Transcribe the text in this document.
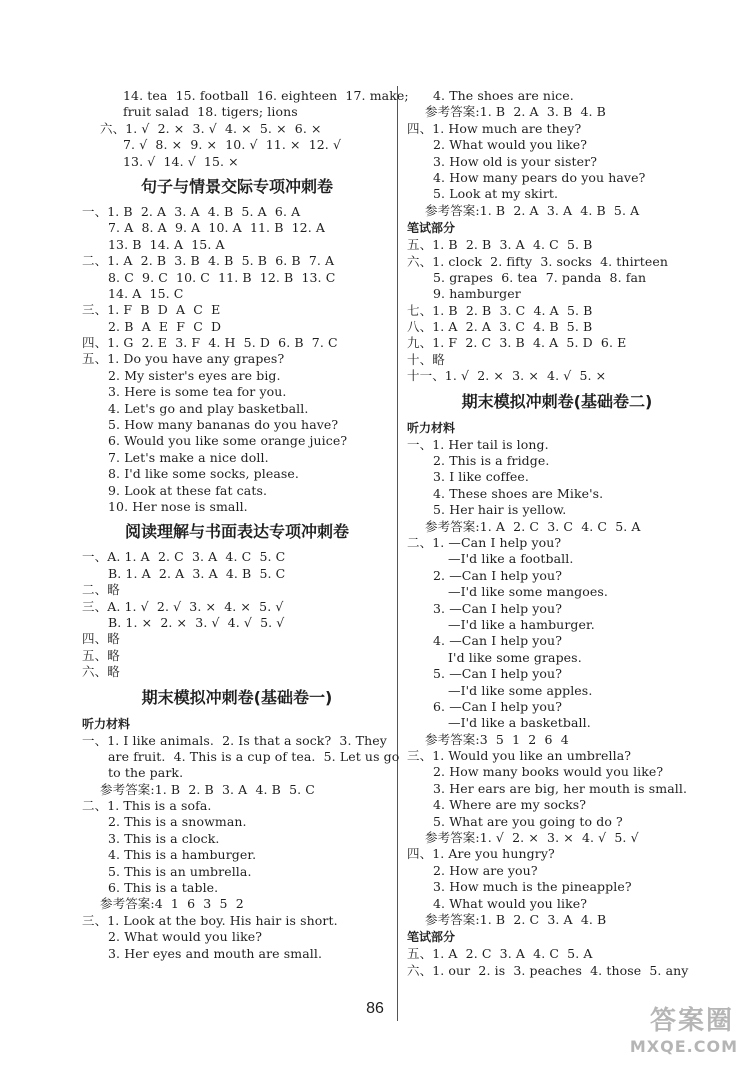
14. tea  15. football  16. eighteen  17. make;
fruit salad  18. tigers; lions
六、1. √  2. ×  3. √  4. ×  5. ×  6. ×
7. √  8. ×  9. ×  10. √  11. ×  12. √
13. √  14. √  15. ×
句子与情景交际专项冲刺卷
一、1. B  2. A  3. A  4. B  5. A  6. A
7. A  8. A  9. A  10. A  11. B  12. A
13. B  14. A  15. A
二、1. A  2. B  3. B  4. B  5. B  6. B  7. A
8. C  9. C  10. C  11. B  12. B  13. C
14. A  15. C
三、1. F  B  D  A  C  E
2. B  A  E  F  C  D
四、1. G  2. E  3. F  4. H  5. D  6. B  7. C
五、1. Do you have any grapes?
2. My sister's eyes are big.
3. Here is some tea for you.
4. Let's go and play basketball.
5. How many bananas do you have?
6. Would you like some orange juice?
7. Let's make a nice doll.
8. I'd like some socks, please.
9. Look at these fat cats.
10. Her nose is small.
阅读理解与书面表达专项冲刺卷
一、A. 1. A  2. C  3. A  4. C  5. C
B. 1. A  2. A  3. A  4. B  5. C
二、略
三、A. 1. √  2. √  3. ×  4. ×  5. √
B. 1. ×  2. ×  3. √  4. √  5. √
四、略
五、略
六、略
期末模拟冲刺卷(基础卷一)
听力材料
一、1. I like animals.  2. Is that a sock?  3. They
are fruit.  4. This is a cup of tea.  5. Let us go
to the park.
参考答案:1. B  2. B  3. A  4. B  5. C
二、1. This is a sofa.
2. This is a snowman.
3. This is a clock.
4. This is a hamburger.
5. This is an umbrella.
6. This is a table.
参考答案:4  1  6  3  5  2
三、1. Look at the boy. His hair is short.
2. What would you like?
3. Her eyes and mouth are small.
4. The shoes are nice.
参考答案:1. B  2. A  3. B  4. B
四、1. How much are they?
2. What would you like?
3. How old is your sister?
4. How many pears do you have?
5. Look at my skirt.
参考答案:1. B  2. A  3. A  4. B  5. A
笔试部分
五、1. B  2. B  3. A  4. C  5. B
六、1. clock  2. fifty  3. socks  4. thirteen
5. grapes  6. tea  7. panda  8. fan
9. hamburger
七、1. B  2. B  3. C  4. A  5. B
八、1. A  2. A  3. C  4. B  5. B
九、1. F  2. C  3. B  4. A  5. D  6. E
十、略
十一、1. √  2. ×  3. ×  4. √  5. ×
期末模拟冲刺卷(基础卷二)
听力材料
一、1. Her tail is long.
2. This is a fridge.
3. I like coffee.
4. These shoes are Mike's.
5. Her hair is yellow.
参考答案:1. A  2. C  3. C  4. C  5. A
二、1. —Can I help you?
—I'd like a football.
2. —Can I help you?
—I'd like some mangoes.
3. —Can I help you?
—I'd like a hamburger.
4. —Can I help you?
I'd like some grapes.
5. —Can I help you?
—I'd like some apples.
6. —Can I help you?
—I'd like a basketball.
参考答案:3  5  1  2  6  4
三、1. Would you like an umbrella?
2. How many books would you like?
3. Her ears are big, her mouth is small.
4. Where are my socks?
5. What are you going to do ?
参考答案:1. √  2. ×  3. ×  4. √  5. √
四、1. Are you hungry?
2. How are you?
3. How much is the pineapple?
4. What would you like?
参考答案:1. B  2. C  3. A  4. B
笔试部分
五、1. A  2. C  3. A  4. C  5. A
六、1. our  2. is  3. peaches  4. those  5. any
86	答案圈
MXQE.COM
